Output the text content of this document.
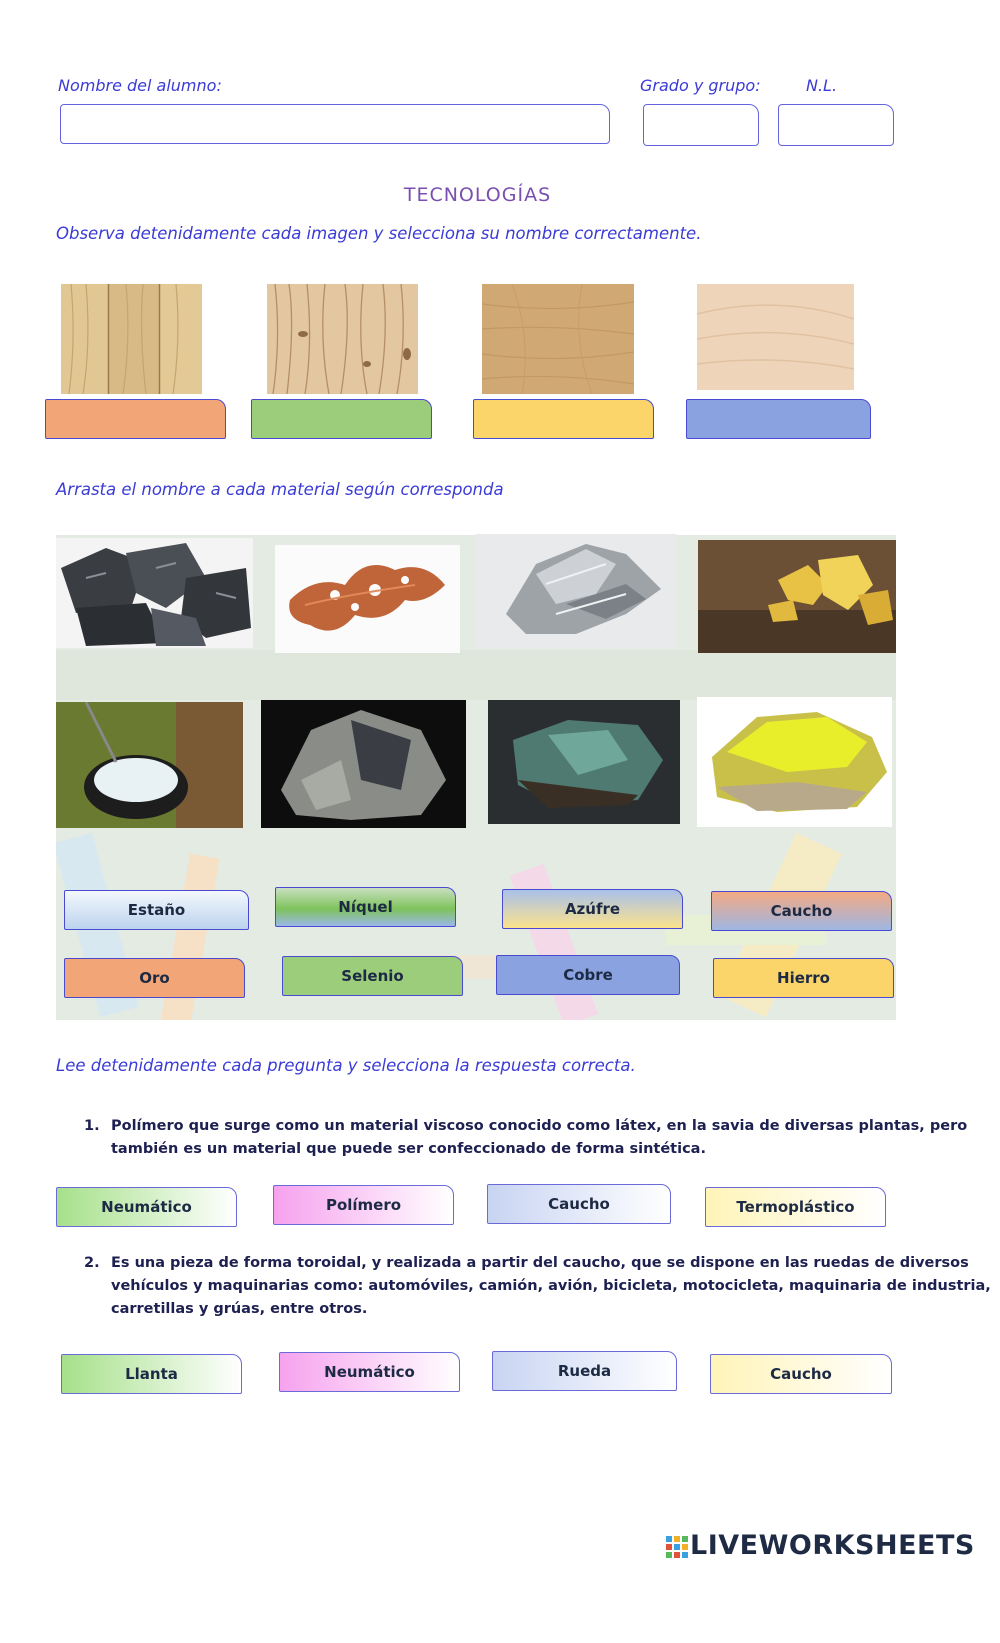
Nombre del alumno:	Grado y grupo:	N.L.
TECNOLOGÍAS
Observa detenidamente cada imagen y selecciona su nombre correctamente.
Arrasta el nombre a cada material según corresponda
Estaño	Níquel	Azúfre	Caucho
Oro	Selenio	Cobre	Hierro
Lee detenidamente cada pregunta y selecciona la respuesta correcta.
1. Polímero que surge como un material viscoso conocido como látex, en la savia de diversas plantas, pero
también es un material que puede ser confeccionado de forma sintética.
Neumático	Polímero	Caucho	Termoplástico
2. Es una pieza de forma toroidal, y realizada a partir del caucho, que se dispone en las ruedas de diversos
vehículos y maquinarias como: automóviles, camión, avión, bicicleta, motocicleta, maquinaria de industria,
carretillas y grúas, entre otros.
Llanta	Neumático	Rueda	Caucho
LIVEWORKSHEETS
